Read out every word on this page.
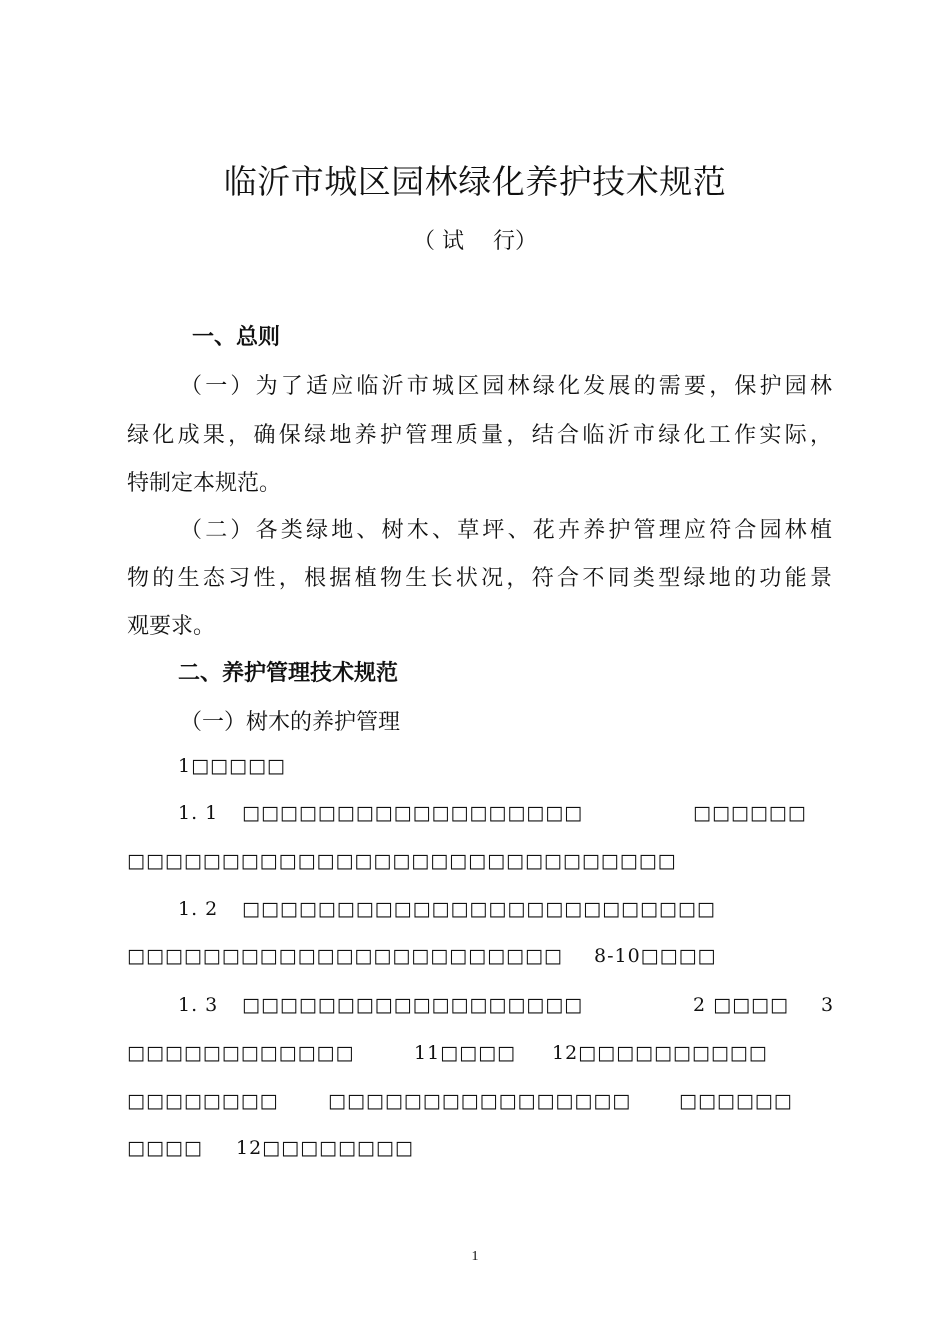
临沂市城区园林绿化养护技术规范
（ 试　 行）
一、总则
（一）为了适应临沂市城区园林绿化发展的需要，保护园林
绿化成果，确保绿地养护管理质量，结合临沂市绿化工作实际，
特制定本规范。
（二）各类绿地、树木、草坪、花卉养护管理应符合园林植
物的生态习性，根据植物生长状况，符合不同类型绿地的功能景
观要求。
二、养护管理技术规范
（一）树木的养护管理
1□□□□□
1. 1 □□□□□□□□□□□□□□□□□□	□□□□□□
□□□□□□□□□□□□□□□□□□□□□□□□□□□□□
1. 2 □□□□□□□□□□□□□□□□□□□□□□□□□
□□□□□□□□□□□□□□□□□□□□□□□ 8-10□□□□
1. 3 □□□□□□□□□□□□□□□□□□	2 □□□□ 3
□□□□□□□□□□□□	11□□□□ 12□□□□□□□□□□
□□□□□□□□	□□□□□□□□□□□□□□□□	□□□□□□
□□□□ 12□□□□□□□□
1
